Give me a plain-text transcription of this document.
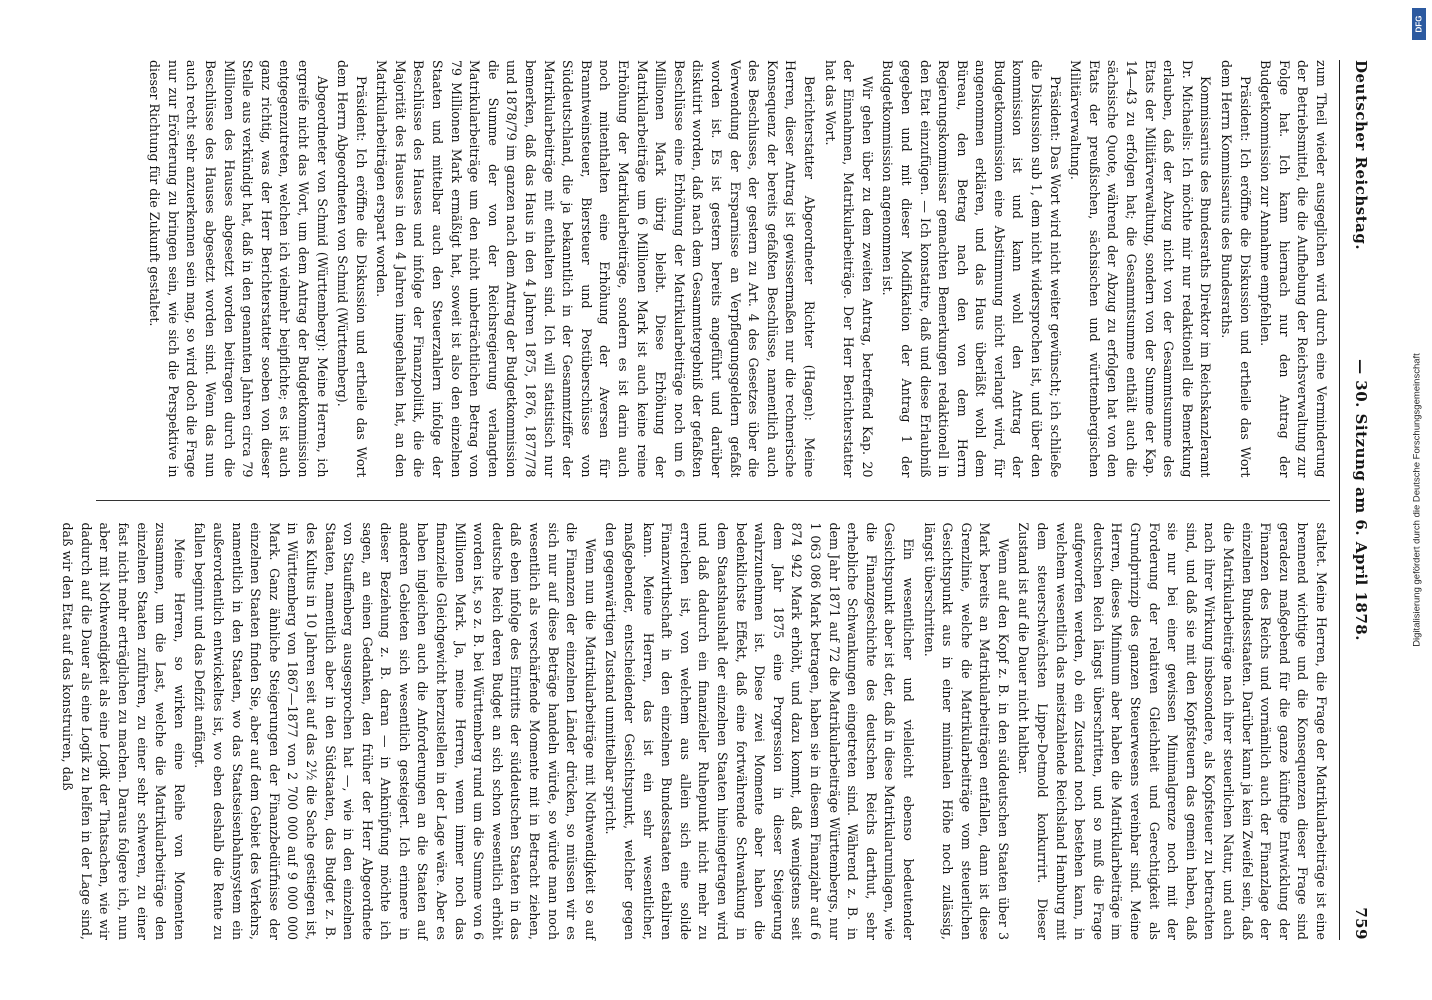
Deutscher Reichstag.
— 30. Sitzung am 6. April 1878.
759

zum Theil wieder ausgeglichen wird durch eine Verminderung der Betriebsmittel, die die Aufhebung der Reichsverwaltung zur Folge hat. Ich kann hiernach nur den Antrag der Budgetkommission zur Annahme empfehlen.

Präsident: Ich eröffne die Diskussion und ertheile das Wort dem Herrn Kommissarius des Bundesraths.

Kommissarius des Bundesraths Direktor im Reichskanzleramt Dr. Michaelis: Ich möchte mir nur redaktionell die Bemerkung erlauben, daß der Abzug nicht von der Gesammtsumme des Etats der Militärverwaltung, sondern von der Summe der Kap. 14—43 zu erfolgen hat; die Gesammtsumme enthält auch die sächsische Quote, während der Abzug zu erfolgen hat von den Etats der preußischen, sächsischen und württembergischen Militärverwaltung.

Präsident: Das Wort wird nicht weiter gewünscht; ich schließe die Diskussion sub 1, dem nicht widersprochen ist, und über den kommission ist und kann wohl den Antrag der Budgetkommission eine Abstimmung nicht verlangt wird, für angenommen erklären, und das Haus überläßt wohl dem Büreau, den Betrag nach den von dem Herrn Regierungskommissar gemachten Bemerkungen redaktionell in den Etat einzufügen. — Ich konstatire, daß und diese Erlaubniß gegeben und mit dieser Modifikation der Antrag 1 der Budgetkommission angenommen ist.

Wir gehen über zu dem zweiten Antrag, betreffend Kap. 20 der Einnahmen, Matrikularbeiträge. Der Herr Berichterstatter hat das Wort.

Berichterstatter Abgeordneter Richter (Hagen): Meine Herren, dieser Antrag ist gewissermaßen nur die rechnerische Konsequenz der bereits gefaßten Beschlüsse, namentlich auch des Beschlusses, der gestern zu Art. 4 des Gesetzes über die Verwendung der Ersparnisse an Verpflegungsgeldern gefaßt worden ist. Es ist gestern bereits angeführt und darüber diskutirt worden, daß nach dem Gesammtergebniß der gefaßten Beschlüsse eine Erhöhung der Matrikularbeiträge noch um 6 Millionen Mark übrig bleibt. Diese Erhöhung der Matrikularbeiträge um 6 Millionen Mark ist auch keine reine Erhöhung der Matrikularbeiträge, sondern es ist darin auch noch mitenthalten eine Erhöhung der Aversen für Branntweinsteuer, Biersteuer und Postüberschüsse von Süddeutschland, die ja bekanntlich in der Gesammtziffer der Matrikularbeiträge mit enthalten sind. Ich will statistisch nur bemerken, daß das Haus in den 4 Jahren 1875, 1876, 1877/78 und 1878/79 im ganzen nach dem Antrag der Budgetkommission die Summe der von der Reichsregierung verlangten Matrikularbeiträge um den nicht unbeträchtlichen Betrag von 79 Millionen Mark ermäßigt hat, soweit ist also den einzelnen Staaten und mittelbar auch den Steuerzahlern infolge der Beschlüsse des Hauses und infolge der Finanzpolitik, die die Majorität des Hauses in den 4 Jahren innegehalten hat, an den Matrikularbeiträgen erspart worden.

Präsident: Ich eröffne die Diskussion und ertheile das Wort dem Herrn Abgeordneten von Schmid (Württemberg).

Abgeordneter von Schmid (Württemberg): Meine Herren, ich ergreife nicht das Wort, um dem Antrag der Budgetkommission entgegenzutreten, welchen ich vielmehr beipflichte; es ist auch ganz richtig, was der Herr Berichterstatter soeben von dieser Stelle aus verkündigt hat, daß in den genannten Jahren circa 79 Millionen des Hauses abgesetzt worden beitragen durch die Beschlüsse des Hauses abgesetzt worden sind. Wenn das nun auch recht sehr anzuerkennen sein mag, so wird doch die Frage nur zur Erörterung zu bringen sein, wie sich die Perspektive in dieser Richtung für die Zukunft gestaltet.

staltet. Meine Herren, die Frage der Matrikularbeiträge ist eine brennend wichtige und die Konsequenzen dieser Frage sind geradezu maßgebend für die ganze künftige Entwicklung der Finanzen des Reichs und vornämlich auch der Finanzlage der einzelnen Bundesstaaten. Darüber kann ja kein Zweifel sein, daß die Matrikularbeiträge nach ihrer steuerlichen Natur, und auch nach ihrer Wirkung insbesondere, als Kopfsteuer zu betrachten sind, und daß sie mit den Kopfsteuern das gemein haben, daß sie nur bei einer gewissen Minimalgrenze noch mit der Forderung der relativen Gleichheit und Gerechtigkeit als Grundprinzip des ganzen Steuerwesens vereinbar sind. Meine Herren, dieses Minimum aber haben die Matrikularbeiträge im deutschen Reich längst überschritten, und so muß die Frage aufgeworfen werden, ob ein Zustand noch bestehen kann, in welchem wesentlich das meistzahlende Reichsland Hamburg mit dem steuerschwächsten Lippe-Detmold konkurrirt. Dieser Zustand ist auf die Dauer nicht haltbar.

Wenn auf den Kopf z. B. in den süddeutschen Staaten über 3 Mark bereits an Matrikularbeiträgen entfallen, dann ist diese Grenzlinie, welche die Matrikularbeiträge vom steuerlichen Gesichtspunkt aus in einer minimalen Höhe noch zulässig, längst überschritten.

Ein wesentlicher und vielleicht ebenso bedeutender Gesichtspunkt aber ist der, daß in diese Matrikularumlagen, wie die Finanzgeschichte des deutschen Reichs darthut, sehr erhebliche Schwankungen eingetreten sind. Während z. B. in dem Jahr 1871 auf 72 die Matrikularbeiträge Württembergs, nur 1 063 086 Mark betragen, haben sie in diesem Finanzjahr auf 6 874 942 Mark erhöht, und dazu kommt, daß wenigstens seit dem Jahr 1875 eine Progression in dieser Steigerung wahrzunehmen ist. Diese zwei Momente aber haben die bedenklichste Effekt, daß eine fortwährende Schwankung in dem Staatshaushalt der einzelnen Staaten hineingetragen wird und daß dadurch ein finanzieller Ruhepunkt nicht mehr zu erreichen ist, von welchem aus allein sich eine solide Finanzwirthschaft in den einzelnen Bundesstaaten etabliren kann. Meine Herren, das ist ein sehr wesentlicher, maßgebender, entscheidender Gesichtspunkt, welcher gegen den gegenwärtigen Zustand unmittelbar spricht.

Wenn nun die Matrikularbeiträge mit Nothwendigkeit so auf die Finanzen der einzelnen Länder drücken, so müssen wir es sich nur auf diese Beträge handeln würde, so würde man noch wesentlich als verschärfende Momente mit in Betracht ziehen, daß eben infolge des Eintritts der süddeutschen Staaten in das deutsche Reich deren Budget an sich schon wesentlich erhöht worden ist, so z. B. bei Württemberg rund um die Summe von 6 Millionen Mark. Ja, meine Herren, wenn immer noch das finanzielle Gleichgewicht herzustellen in der Lage wäre. Aber es haben ingleichen auch die Anforderungen an die Staaten auf anderen Gebieten sich wesentlich gesteigert. Ich erinnere in dieser Beziehung z. B. daran — in Anknüpfung möchte ich sagen, an einen Gedanken, den früher der Herr Abgeordnete von Stauffenberg ausgesprochen hat —, wie in den einzelnen Staaten, namentlich aber in den Südstaaten, das Budget z. B. des Kultus in 10 Jahren seit auf das 2½ die Sache gestiegen ist, in Württemberg von 1867—1877 von 2 700 000 auf 9 000 000 Mark. Ganz ähnliche Steigerungen der Finanzbedürfnisse der einzelnen Staaten finden Sie, aber auf dem Gebiet des Verkehrs, namentlich in den Staaten, wo das Staatseisenbahnsystem ein außerordentlich entwickeltes ist, wo eben deshalb die Rente zu fallen beginnt und das Defizit anfängt.

Meine Herren, so wirken eine Reihe von Momenten zusammen, um die Last, welche die Matrikularbeiträge den einzelnen Staaten zuführen, zu einer sehr schweren, zu einer fast nicht mehr erträglichen zu machen. Daraus folgere ich, nun aber mit Nothwendigkeit als eine Logik der Thatsachen, wie wir dadurch auf die Dauer als eine Logik zu helfen in der Lage sind, daß wir den Etat auf das konstruiren, daß

Digitalisierung gefördert durch die Deutsche Forschungsgemeinschaft
DFG
